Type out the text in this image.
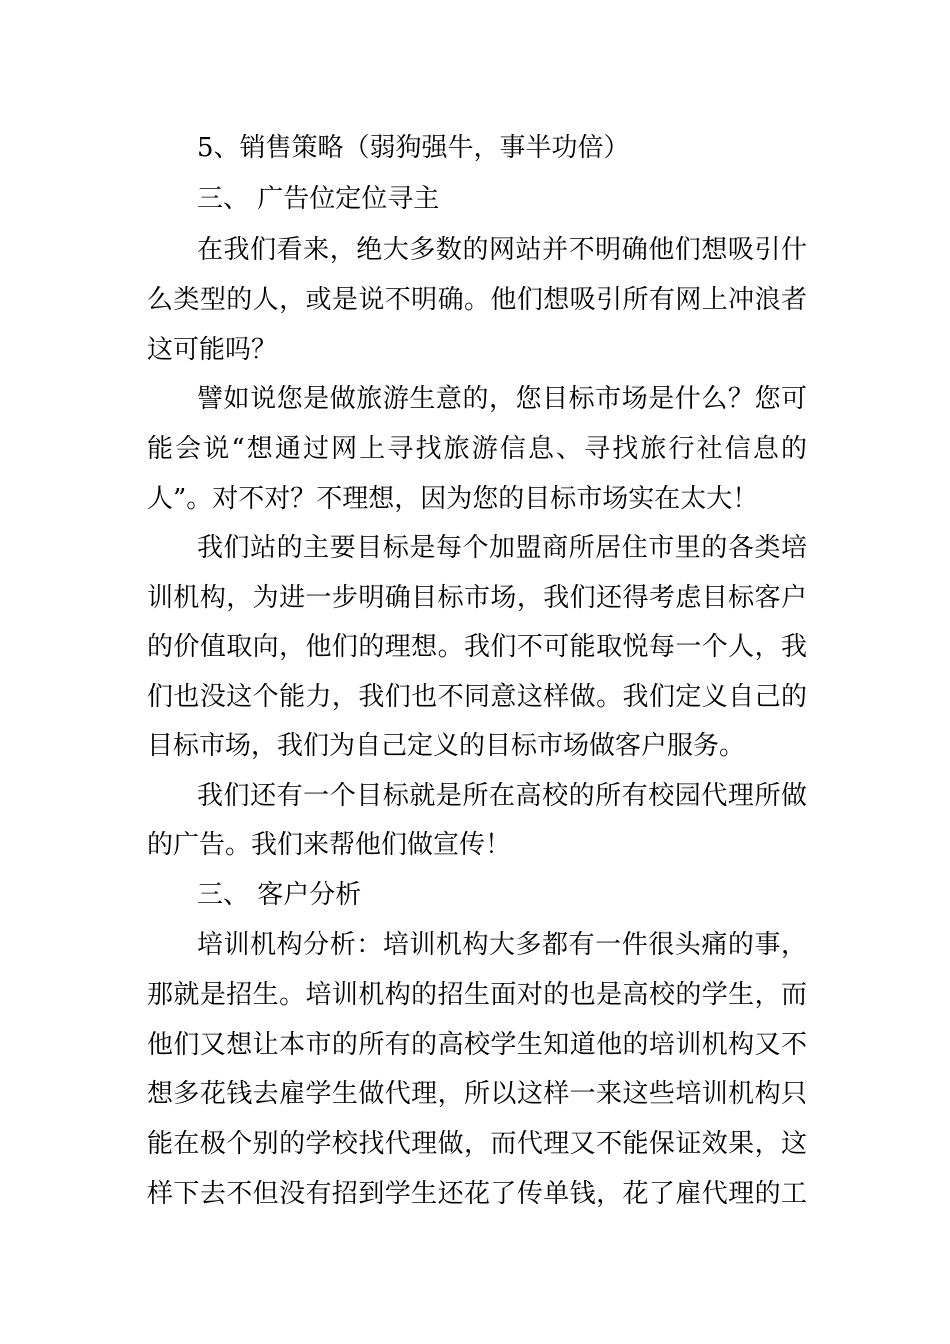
5、销售策略（弱狗强牛，事半功倍）
三、 广告位定位寻主
在我们看来，绝大多数的网站并不明确他们想吸引什
么类型的人，或是说不明确。他们想吸引所有网上冲浪者
这可能吗？
譬如说您是做旅游生意的，您目标市场是什么？您可
能会说“想通过网上寻找旅游信息、寻找旅行社信息的
人”。对不对？不理想，因为您的目标市场实在太大！
我们站的主要目标是每个加盟商所居住市里的各类培
训机构，为进一步明确目标市场，我们还得考虑目标客户
的价值取向，他们的理想。我们不可能取悦每一个人，我
们也没这个能力，我们也不同意这样做。我们定义自己的
目标市场，我们为自己定义的目标市场做客户服务。
我们还有一个目标就是所在高校的所有校园代理所做
的广告。我们来帮他们做宣传！
三、 客户分析
培训机构分析：培训机构大多都有一件很头痛的事，
那就是招生。培训机构的招生面对的也是高校的学生，而
他们又想让本市的所有的高校学生知道他的培训机构又不
想多花钱去雇学生做代理，所以这样一来这些培训机构只
能在极个别的学校找代理做，而代理又不能保证效果，这
样下去不但没有招到学生还花了传单钱，花了雇代理的工
